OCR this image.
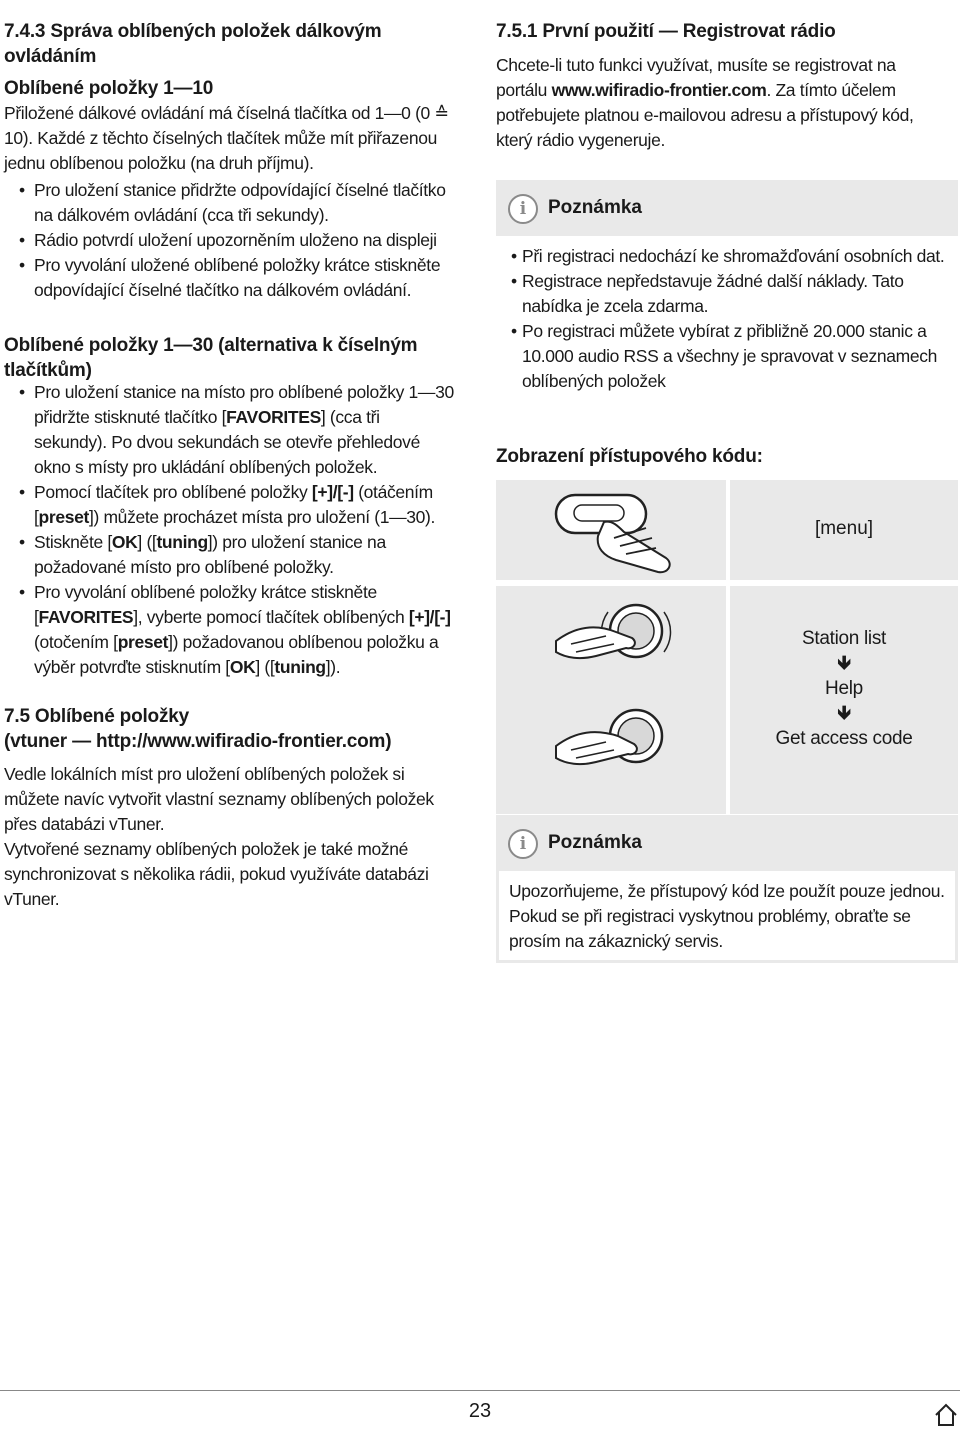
7.4.3 Správa oblíbených položek dálkovým ovládáním
Oblíbené položky 1—10
Přiložené dálkové ovládání má číselná tlačítka od 1—0 (0 ≙ 10). Každé z těchto číselných tlačítek může mít přiřazenou jednu oblíbenou položku (na druh příjmu).
• Pro uložení stanice přidržte odpovídající číselné tlačítko na dálkovém ovládání (cca tři sekundy).
• Rádio potvrdí uložení upozorněním uloženo na displeji
• Pro vyvolání uložené oblíbené položky krátce stiskněte odpovídající číselné tlačítko na dálkovém ovládání.
Oblíbené položky 1—30 (alternativa k číselným tlačítkům)
• Pro uložení stanice na místo pro oblíbené položky 1—30 přidržte stisknuté tlačítko [FAVORITES] (cca tři sekundy). Po dvou sekundách se otevře přehledové okno s místy pro ukládání oblíbených položek.
• Pomocí tlačítek pro oblíbené položky [+]/[-] (otáčením [preset]) můžete procházet místa pro uložení (1—30).
• Stiskněte [OK] ([tuning]) pro uložení stanice na požadované místo pro oblíbené položky.
• Pro vyvolání oblíbené položky krátce stiskněte [FAVORITES], vyberte pomocí tlačítek oblíbených [+]/[-] (otočením [preset]) požadovanou oblíbenou položku a výběr potvrďte stisknutím [OK] ([tuning]).
7.5 Oblíbené položky
(vtuner — http://www.wifiradio-frontier.com)
Vedle lokálních míst pro uložení oblíbených položek si můžete navíc vytvořit vlastní seznamy oblíbených položek přes databázi vTuner.
Vytvořené seznamy oblíbených položek je také možné synchronizovat s několika rádii, pokud využíváte databázi vTuner.
7.5.1 První použití — Registrovat rádio
Chcete-li tuto funkci využívat, musíte se registrovat na portálu www.wifiradio-frontier.com. Za tímto účelem potřebujete platnou e-mailovou adresu a přístupový kód, který rádio vygeneruje.
i	Poznámka
• Při registraci nedochází ke shromažďování osobních dat.
• Registrace nepředstavuje žádné další náklady. Tato nabídka je zcela zdarma.
• Po registraci můžete vybírat z přibližně 20.000 stanic a 10.000 audio RSS a všechny je spravovat v seznamech oblíbených položek
Zobrazení přístupového kódu:
[menu]
Station list
🡻
Help
🡻
Get access code
i	Poznámka
Upozorňujeme, že přístupový kód lze použít pouze jednou. Pokud se při registraci vyskytnou problémy, obraťte se prosím na zákaznický servis.
23
